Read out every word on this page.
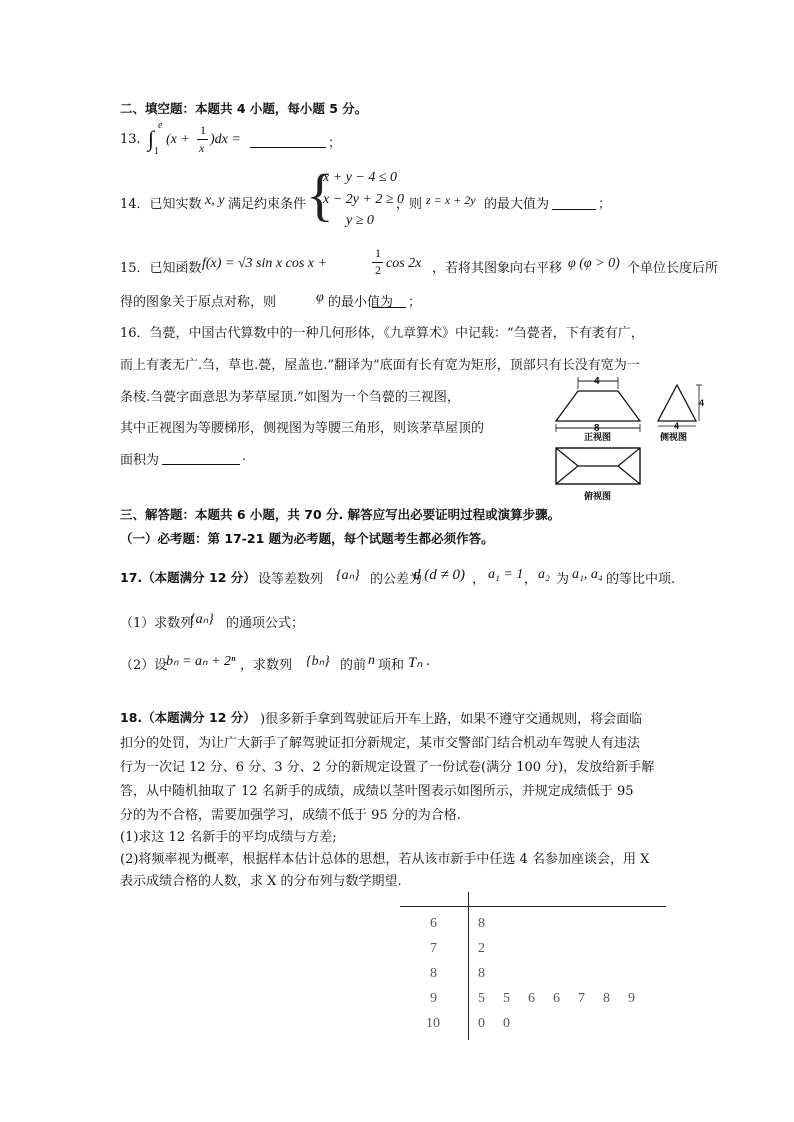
二、填空题：本题共 4 小题，每小题 5 分。
13. ∫
e
1
(x +
1
x
)dx =	；
14．已知实数 x, y 满足约束条件 {
x + y − 4 ≤ 0
x − 2y + 2 ≥ 0
y ≥ 0
，则 z = x + 2y 的最大值为	；
15．已知函数 f(x) = √3 sin x cos x +
1
2 cos 2x ，若将其图象向右平移 φ (φ > 0) 个单位长度后所
得的图象关于原点对称，则	φ 的最小值为 ；
16．刍甍，中国古代算数中的一种几何形体，《九章算术》中记载：“刍甍者，下有袤有广，
而上有袤无广.刍，草也.甍，屋盖也.”翻译为“底面有长有宽为矩形，顶部只有长没有宽为一
条棱.刍甍字面意思为茅草屋顶.”如图为一个刍甍的三视图，
其中正视图为等腰梯形，侧视图为等腰三角形，则该茅草屋顶的
面积为	.
4
8
正视图
4
4
侧视图
俯视图
三、解答题：本题共 6 小题，共 70 分. 解答应写出必要证明过程或演算步骤。
（一）必考题：第 17-21 题为必考题，每个试题考生都必须作答。
17.（本题满分 12 分） 设等差数列 {aₙ} 的公差为
d (d ≠ 0) ， a₁ = 1 ， a₂ 为 a₁, a₄ 的等比中项.
（1）求数列
{aₙ} 的通项公式；
（2）设
bₙ = aₙ + 2ⁿ ，求数列 {bₙ} 的前 n 项和 Tₙ .
18.（本题满分 12 分） )很多新手拿到驾驶证后开车上路，如果不遵守交通规则，将会面临
扣分的处罚，为让广大新手了解驾驶证扣分新规定，某市交警部门结合机动车驾驶人有违法
行为一次记 12 分、6 分、3 分、2 分的新规定设置了一份试卷(满分 100 分)，发放给新手解
答，从中随机抽取了 12 名新手的成绩，成绩以茎叶图表示如图所示，并规定成绩低于 95
分的为不合格，需要加强学习，成绩不低于 95 分的为合格.
(1)求这 12 名新手的平均成绩与方差;
(2)将频率视为概率，根据样本估计总体的思想，若从该市新手中任选 4 名参加座谈会，用 X
表示成绩合格的人数，求 X 的分布列与数学期望.
6	8
7	2
8	8
9	5 5 6 6 7 8 9
10	0 0
